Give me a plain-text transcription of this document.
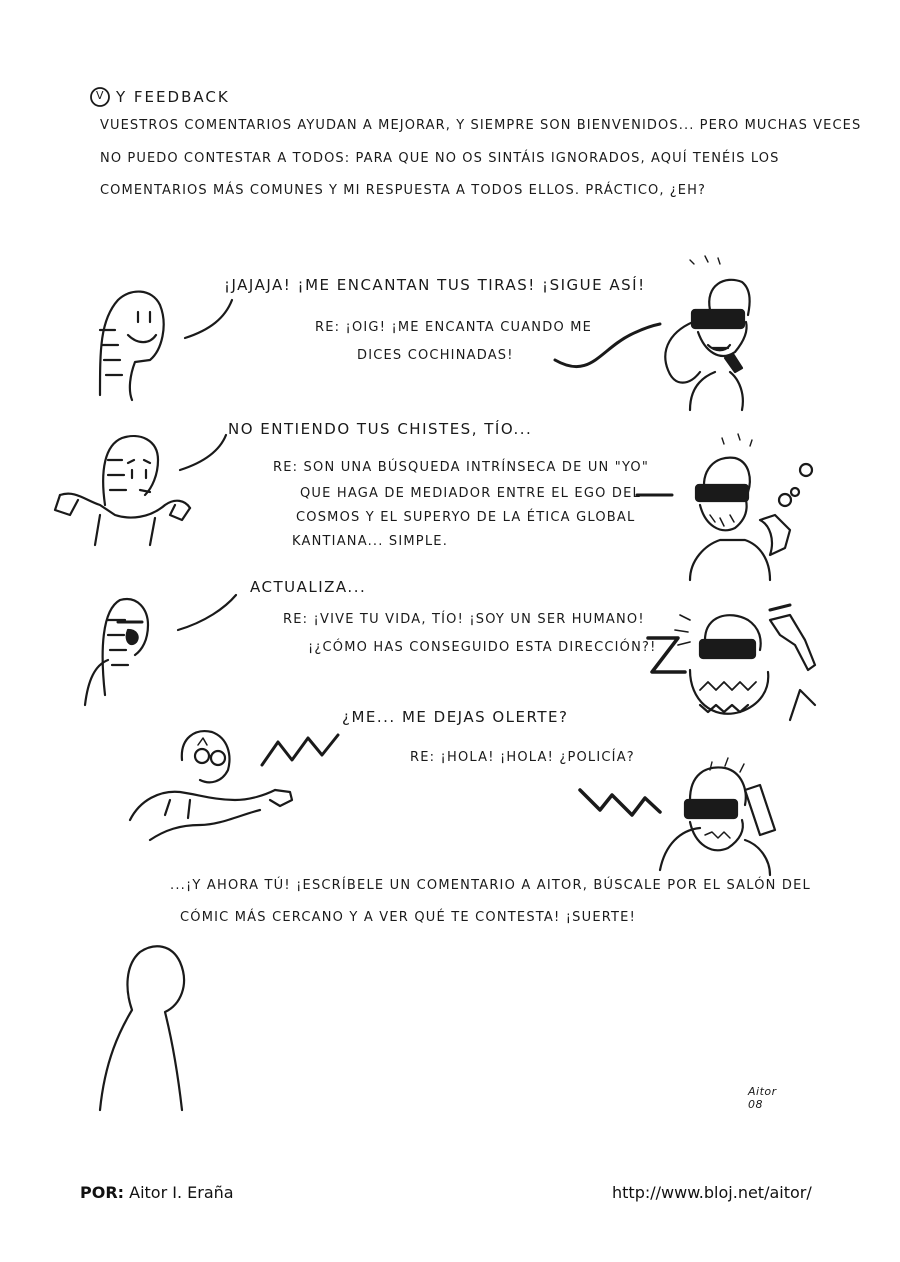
V Y FEEDBACK
VUESTROS COMENTARIOS AYUDAN A MEJORAR, Y SIEMPRE SON BIENVENIDOS... PERO MUCHAS VECES
NO PUEDO CONTESTAR A TODOS: PARA QUE NO OS SINTÁIS IGNORADOS, AQUÍ TENÉIS LOS
COMENTARIOS MÁS COMUNES Y MI RESPUESTA A TODOS ELLOS. PRÁCTICO, ¿EH?
¡JAJAJA! ¡ME ENCANTAN TUS TIRAS! ¡SIGUE ASÍ!
RE: ¡OIG! ¡ME ENCANTA CUANDO ME
DICES COCHINADAS!
NO ENTIENDO TUS CHISTES, TÍO...
RE: SON UNA BÚSQUEDA INTRÍNSECA DE UN "YO"
QUE HAGA DE MEDIADOR ENTRE EL EGO DEL
COSMOS Y EL SUPERYO DE LA ÉTICA GLOBAL
KANTIANA... SIMPLE.
ACTUALIZA...
RE: ¡VIVE TU VIDA, TÍO! ¡SOY UN SER HUMANO!
¡¿CÓMO HAS CONSEGUIDO ESTA DIRECCIÓN?!
¿ME... ME DEJAS OLERTE?
RE: ¡HOLA! ¡HOLA! ¿POLICÍA?
...¡Y AHORA TÚ! ¡ESCRÍBELE UN COMENTARIO A AITOR, BÚSCALE POR EL SALÓN DEL
CÓMIC MÁS CERCANO Y A VER QUÉ TE CONTESTA! ¡SUERTE!
Aitor 08
POR: Aitor I. Eraña	http://www.bloj.net/aitor/
